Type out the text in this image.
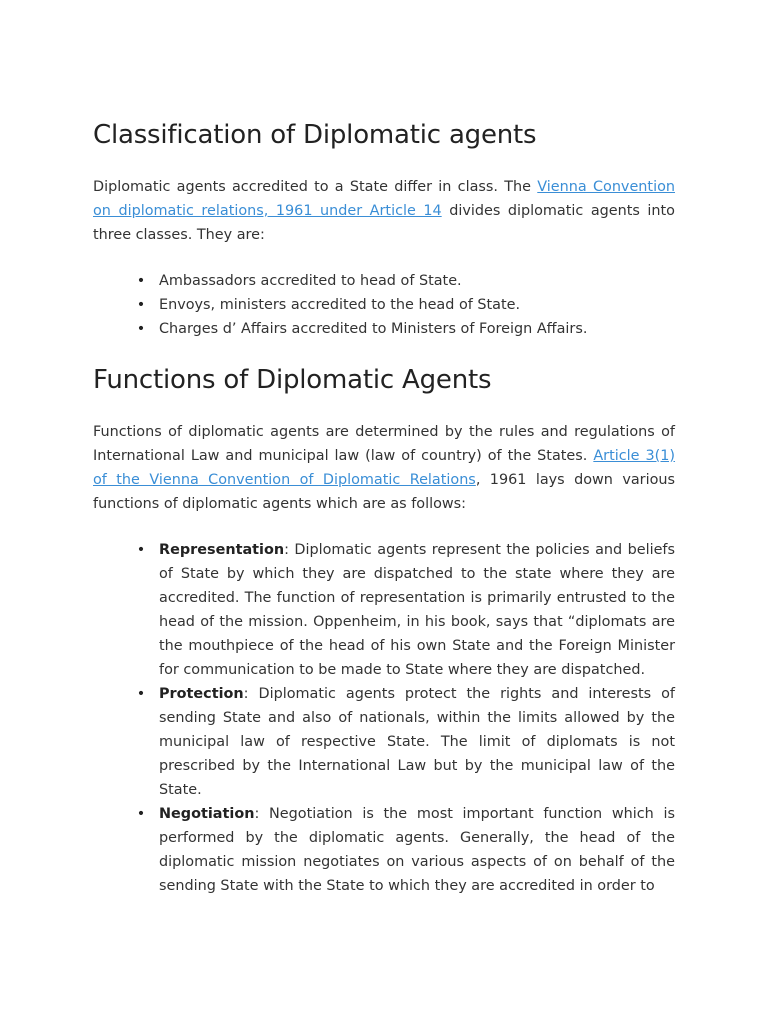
Classification of Diplomatic agents

Diplomatic agents accredited to a State differ in class. The Vienna Convention on diplomatic relations, 1961 under Article 14 divides diplomatic agents into three classes. They are:

• Ambassadors accredited to head of State.
• Envoys, ministers accredited to the head of State.
• Charges d’ Affairs accredited to Ministers of Foreign Affairs.
Functions of Diplomatic Agents

Functions of diplomatic agents are determined by the rules and regulations of International Law and municipal law (law of country) of the States. Article 3(1) of the Vienna Convention of Diplomatic Relations, 1961 lays down various functions of diplomatic agents which are as follows:

• Representation: Diplomatic agents represent the policies and beliefs of State by which they are dispatched to the state where they are accredited. The function of representation is primarily entrusted to the head of the mission. Oppenheim, in his book, says that “diplomats are the mouthpiece of the head of his own State and the Foreign Minister for communication to be made to State where they are dispatched.
• Protection: Diplomatic agents protect the rights and interests of sending State and also of nationals, within the limits allowed by the municipal law of respective State. The limit of diplomats is not prescribed by the International Law but by the municipal law of the State.
• Negotiation: Negotiation is the most important function which is performed by the diplomatic agents. Generally, the head of the diplomatic mission negotiates on various aspects of on behalf of the sending State with the State to which they are accredited in order to
